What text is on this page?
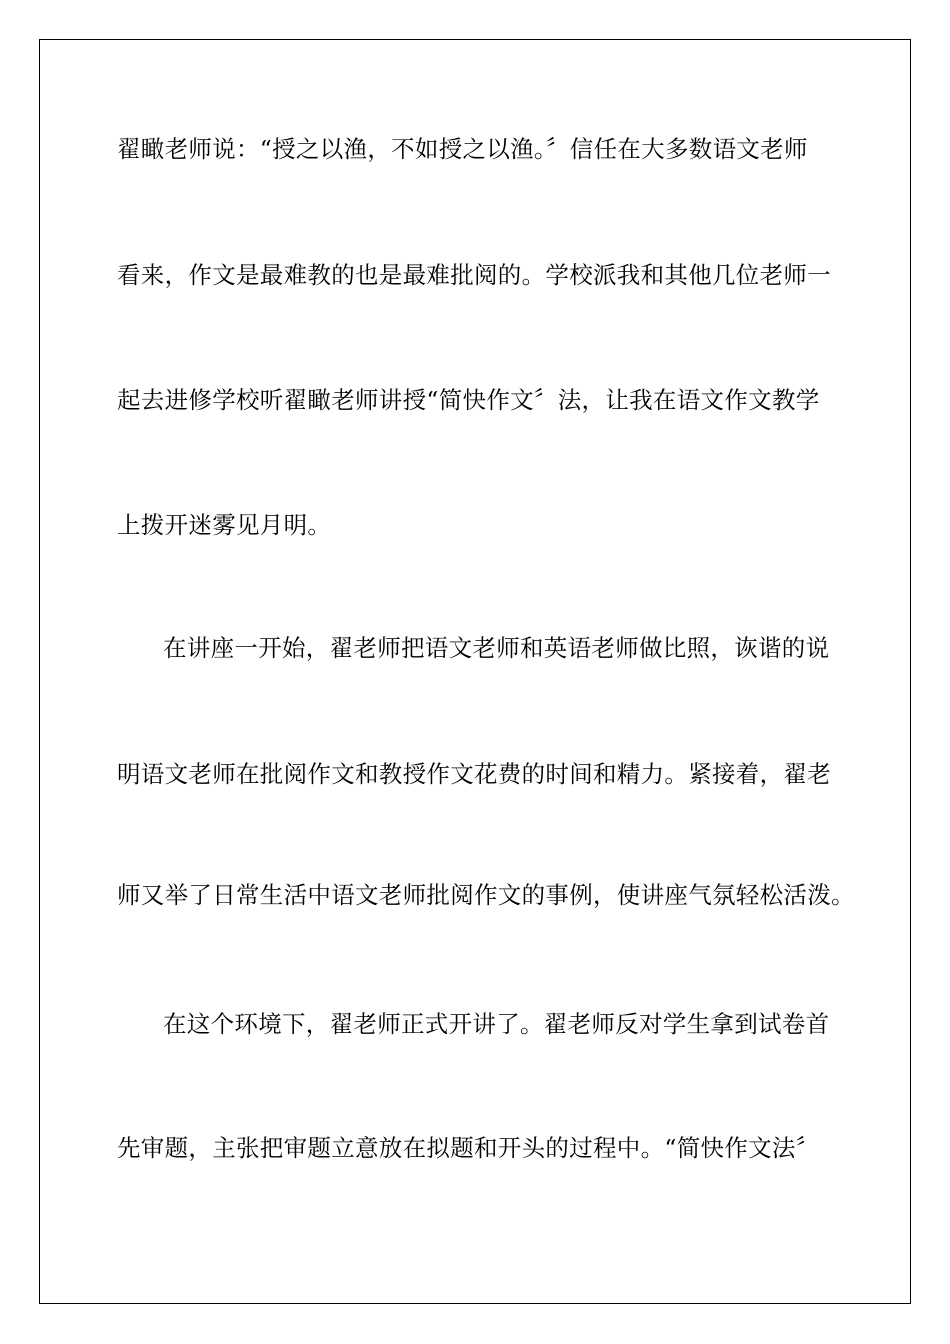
翟瞰老师说：“授之以渔，不如授之以渔。〞信任在大多数语文老师
看来，作文是最难教的也是最难批阅的。学校派我和其他几位老师一
起去进修学校听翟瞰老师讲授“简快作文〞法，让我在语文作文教学
上拨开迷雾见月明。
在讲座一开始，翟老师把语文老师和英语老师做比照，诙谐的说
明语文老师在批阅作文和教授作文花费的时间和精力。紧接着，翟老
师又举了日常生活中语文老师批阅作文的事例，使讲座气氛轻松活泼。
在这个环境下，翟老师正式开讲了。翟老师反对学生拿到试卷首
先审题，主张把审题立意放在拟题和开头的过程中。“简快作文法〞
